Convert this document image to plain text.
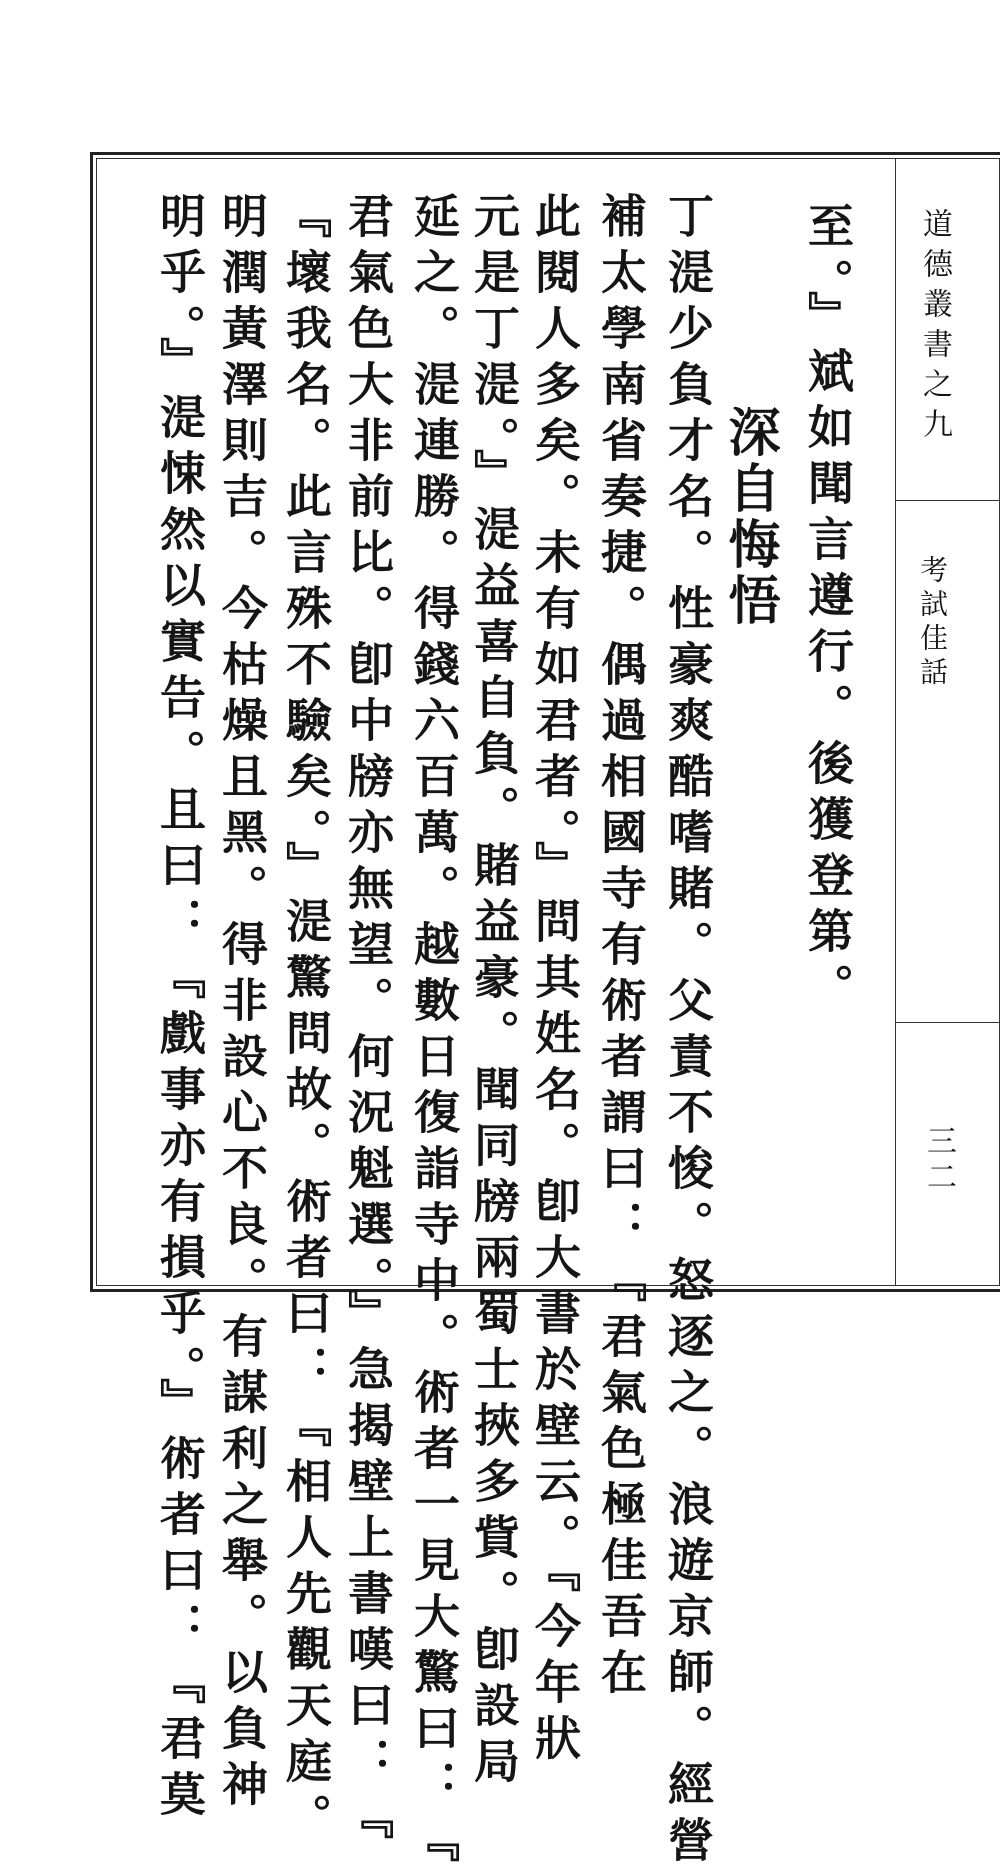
道德叢書之九
考試佳話
三二
至。』斌如聞言遵行。後獲登第。
深自悔悟
丁湜少負才名。性豪爽酷嗜賭。父責不悛。怒逐之。浪遊京師。經營
補太學南省奏捷。偶過相國寺有術者謂曰：『君氣色極佳吾在
此閱人多矣。未有如君者。』問其姓名。卽大書於壁云。『今年狀
元是丁湜。』湜益喜自負。賭益豪。聞同牓兩蜀士挾多貲。卽設局
延之。湜連勝。得錢六百萬。越數日復詣寺中。術者一見大驚曰：『
君氣色大非前比。卽中牓亦無望。何況魁選。』急揭壁上書嘆曰：『
『壞我名。此言殊不驗矣。』湜驚問故。術者曰：『相人先觀天庭。
明潤黃澤則吉。今枯燥且黑。得非設心不良。有謀利之舉。以負神
明乎。』湜悚然以實告。且曰：『戲事亦有損乎。』術者曰：『君莫
